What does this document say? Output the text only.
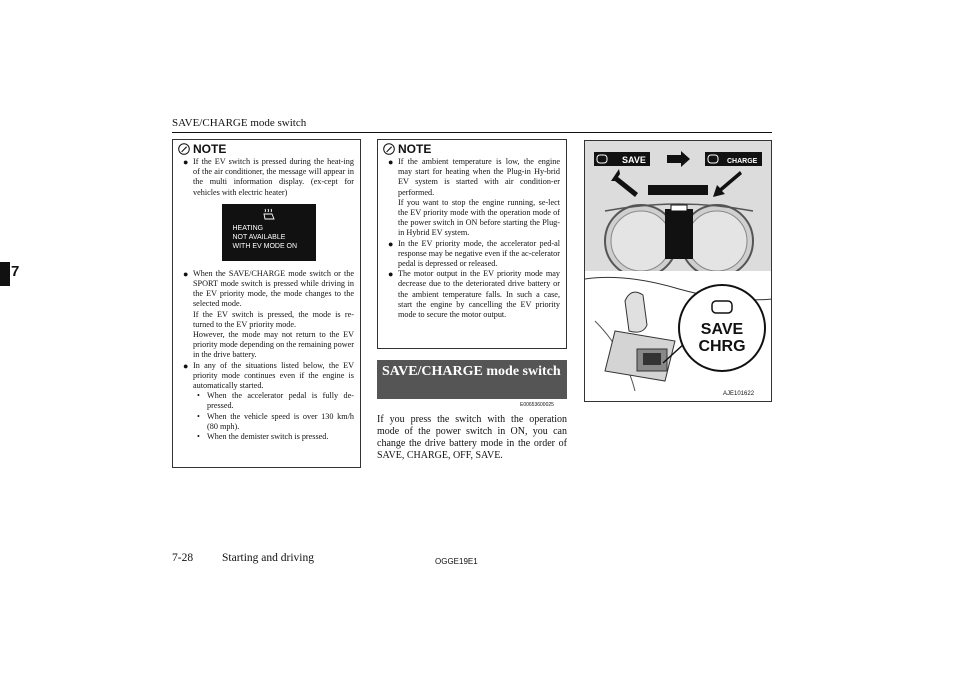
SAVE/CHARGE mode switch
7
NOTE
● If the EV switch is pressed during the heat-ing of the air conditioner, the message will appear in the multi information display. (ex-cept for vehicles with electric heater)
HEATING
NOT AVAILABLE
WITH EV MODE ON
● When the SAVE/CHARGE mode switch or the SPORT mode switch is pressed while driving in the EV priority mode, the mode changes to the selected mode.

If the EV switch is pressed, the mode is re-turned to the EV priority mode.

However, the mode may not return to the EV priority mode depending on the remaining power in the drive battery.

● In any of the situations listed below, the EV priority mode continues even if the engine is automatically started.
• When the accelerator pedal is fully de-pressed.
• When the vehicle speed is over 130 km/h (80 mph).
• When the demister switch is pressed.
NOTE
● If the ambient temperature is low, the engine may start for heating when the Plug-in Hy-brid EV system is started with air condition-er performed.

If you want to stop the engine running, se-lect the EV priority mode with the operation mode of the power switch in ON before starting the Plug-in Hybrid EV system.

● In the EV priority mode, the accelerator ped-al response may be negative even if the ac-celerator pedal is depressed or released.
● The motor output in the EV priority mode may decrease due to the deteriorated drive battery or the ambient temperature falls. In such a case, start the engine by cancelling the EV priority mode to secure the motor output.
SAVE/CHARGE mode switch
E00653600025
If you press the switch with the operation mode of the power switch in ON, you can change the drive battery mode in the order of SAVE, CHARGE, OFF, SAVE.
SAVE	CHARGE
SAVE
CHRG
AJE101622
7-28	Starting and driving	OGGE19E1
